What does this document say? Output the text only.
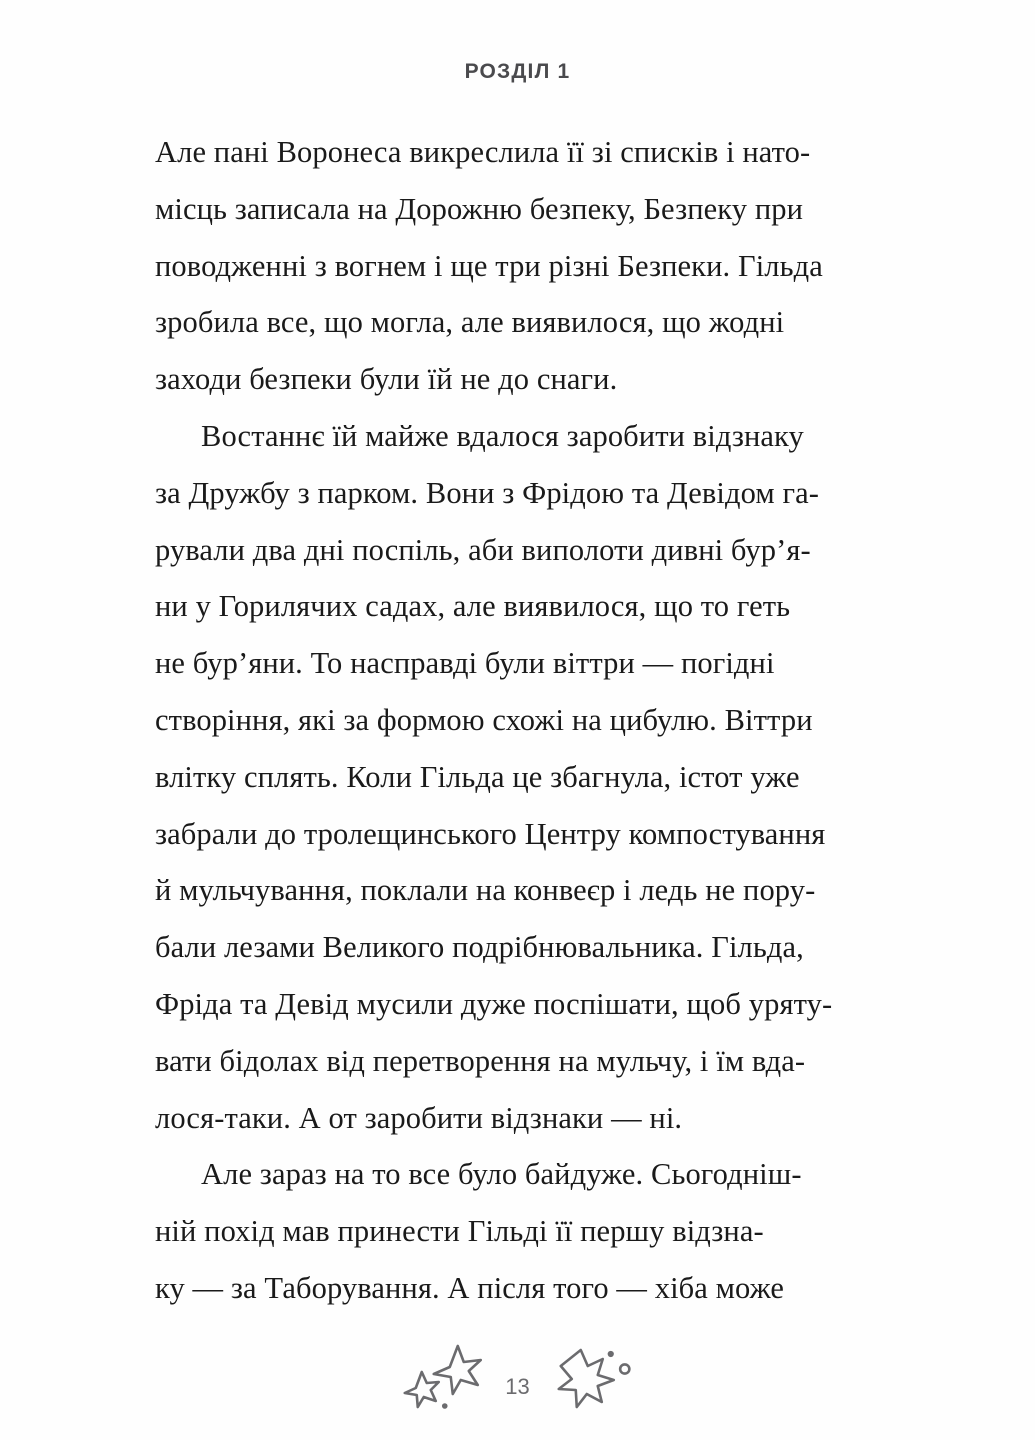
РОЗДІЛ 1

Але пані Воронеса викреслила її зі списків і нато-
місць записала на Дорожню безпеку, Безпеку при
поводженні з вогнем і ще три різні Безпеки. Гільда
зробила все, що могла, але виявилося, що жодні
заходи безпеки були їй не до снаги.

Востаннє їй майже вдалося заробити відзнаку
за Дружбу з парком. Вони з Фрідою та Девідом га-
рували два дні поспіль, аби виполоти дивні бур’я-
ни у Горилячих садах, але виявилося, що то геть
не бур’яни. То насправді були віттри — погідні
створіння, які за формою схожі на цибулю. Віттри
влітку сплять. Коли Гільда це збагнула, істот уже
забрали до тролещинського Центру компостування
й мульчування, поклали на конвеєр і ледь не пору-
бали лезами Великого подрібнювальника. Гільда,
Фріда та Девід мусили дуже поспішати, щоб уряту-
вати бідолах від перетворення на мульчу, і їм вда-
лося-таки. А от заробити відзнаки — ні.

Але зараз на то все було байдуже. Сьогодніш-
ній похід мав принести Гільді її першу відзна-
ку — за Таборування. А після того — хіба може

13
